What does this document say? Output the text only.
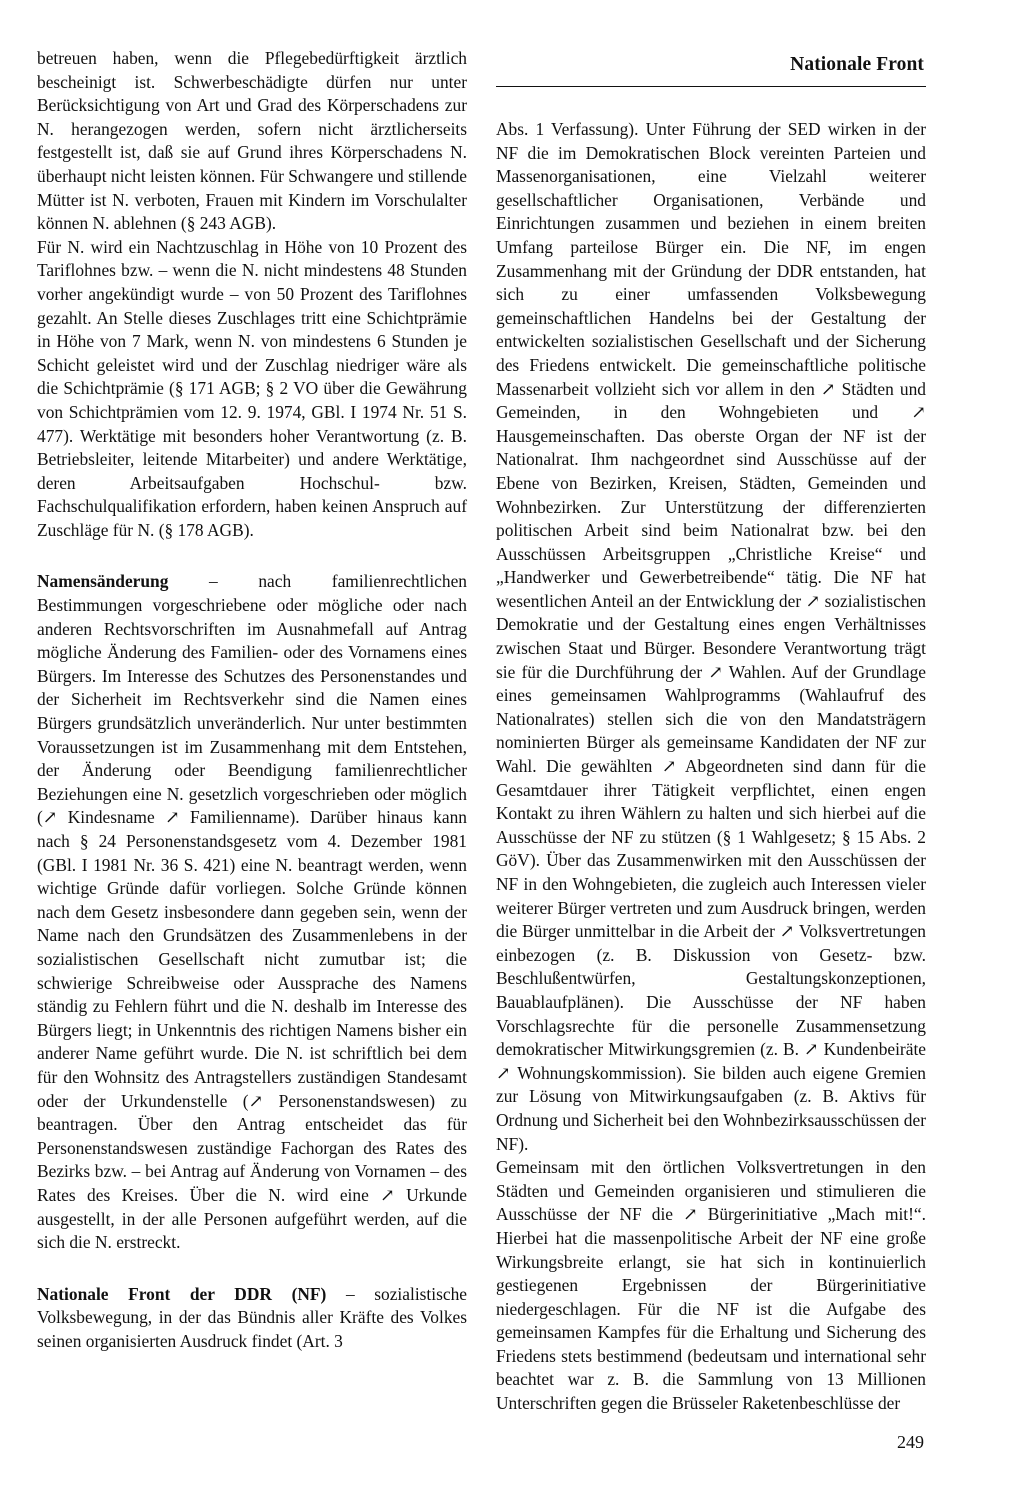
Nationale Front

betreuen haben, wenn die Pflegebedürftigkeit ärztlich bescheinigt ist. Schwerbeschädigte dürfen nur unter Berücksichtigung von Art und Grad des Körperschadens zur N. herangezogen werden, sofern nicht ärztlicherseits festgestellt ist, daß sie auf Grund ihres Körperschadens N. überhaupt nicht leisten können. Für Schwangere und stillende Mütter ist N. verboten, Frauen mit Kindern im Vorschulalter können N. ablehnen (§ 243 AGB).

Für N. wird ein Nachtzuschlag in Höhe von 10 Prozent des Tariflohnes bzw. – wenn die N. nicht mindestens 48 Stunden vorher angekündigt wurde – von 50 Prozent des Tariflohnes gezahlt. An Stelle dieses Zuschlages tritt eine Schichtprämie in Höhe von 7 Mark, wenn N. von mindestens 6 Stunden je Schicht geleistet wird und der Zuschlag niedriger wäre als die Schichtprämie (§ 171 AGB; § 2 VO über die Gewährung von Schichtprämien vom 12. 9. 1974, GBl. I 1974 Nr. 51 S. 477). Werktätige mit besonders hoher Verantwortung (z. B. Betriebsleiter, leitende Mitarbeiter) und andere Werktätige, deren Arbeitsaufgaben Hochschul- bzw. Fachschulqualifikation erfordern, haben keinen Anspruch auf Zuschläge für N. (§ 178 AGB).

Namensänderung – nach familienrechtlichen Bestimmungen vorgeschriebene oder mögliche oder nach anderen Rechtsvorschriften im Ausnahmefall auf Antrag mögliche Änderung des Familien- oder des Vornamens eines Bürgers. Im Interesse des Schutzes des Personenstandes und der Sicherheit im Rechtsverkehr sind die Namen eines Bürgers grundsätzlich unveränderlich. Nur unter bestimmten Voraussetzungen ist im Zusammenhang mit dem Entstehen, der Änderung oder Beendigung familienrechtlicher Beziehungen eine N. gesetzlich vorgeschrieben oder möglich (↗ Kindesname ↗ Familienname). Darüber hinaus kann nach § 24 Personenstandsgesetz vom 4. Dezember 1981 (GBl. I 1981 Nr. 36 S. 421) eine N. beantragt werden, wenn wichtige Gründe dafür vorliegen. Solche Gründe können nach dem Gesetz insbesondere dann gegeben sein, wenn der Name nach den Grundsätzen des Zusammenlebens in der sozialistischen Gesellschaft nicht zumutbar ist; die schwierige Schreibweise oder Aussprache des Namens ständig zu Fehlern führt und die N. deshalb im Interesse des Bürgers liegt; in Unkenntnis des richtigen Namens bisher ein anderer Name geführt wurde. Die N. ist schriftlich bei dem für den Wohnsitz des Antragstellers zuständigen Standesamt oder der Urkundenstelle (↗ Personenstandswesen) zu beantragen. Über den Antrag entscheidet das für Personenstandswesen zuständige Fachorgan des Rates des Bezirks bzw. – bei Antrag auf Änderung von Vornamen – des Rates des Kreises. Über die N. wird eine ↗ Urkunde ausgestellt, in der alle Personen aufgeführt werden, auf die sich die N. erstreckt.

Nationale Front der DDR (NF) – sozialistische Volksbewegung, in der das Bündnis aller Kräfte des Volkes seinen organisierten Ausdruck findet (Art. 3

Abs. 1 Verfassung). Unter Führung der SED wirken in der NF die im Demokratischen Block vereinten Parteien und Massenorganisationen, eine Vielzahl weiterer gesellschaftlicher Organisationen, Verbände und Einrichtungen zusammen und beziehen in einem breiten Umfang parteilose Bürger ein. Die NF, im engen Zusammenhang mit der Gründung der DDR entstanden, hat sich zu einer umfassenden Volksbewegung gemeinschaftlichen Handelns bei der Gestaltung der entwickelten sozialistischen Gesellschaft und der Sicherung des Friedens entwickelt. Die gemeinschaftliche politische Massenarbeit vollzieht sich vor allem in den ↗ Städten und Gemeinden, in den Wohngebieten und ↗ Hausgemeinschaften. Das oberste Organ der NF ist der Nationalrat. Ihm nachgeordnet sind Ausschüsse auf der Ebene von Bezirken, Kreisen, Städten, Gemeinden und Wohnbezirken. Zur Unterstützung der differenzierten politischen Arbeit sind beim Nationalrat bzw. bei den Ausschüssen Arbeitsgruppen „Christliche Kreise“ und „Handwerker und Gewerbetreibende“ tätig. Die NF hat wesentlichen Anteil an der Entwicklung der ↗ sozialistischen Demokratie und der Gestaltung eines engen Verhältnisses zwischen Staat und Bürger. Besondere Verantwortung trägt sie für die Durchführung der ↗ Wahlen. Auf der Grundlage eines gemeinsamen Wahlprogramms (Wahlaufruf des Nationalrates) stellen sich die von den Mandatsträgern nominierten Bürger als gemeinsame Kandidaten der NF zur Wahl. Die gewählten ↗ Abgeordneten sind dann für die Gesamtdauer ihrer Tätigkeit verpflichtet, einen engen Kontakt zu ihren Wählern zu halten und sich hierbei auf die Ausschüsse der NF zu stützen (§ 1 Wahlgesetz; § 15 Abs. 2 GöV). Über das Zusammenwirken mit den Ausschüssen der NF in den Wohngebieten, die zugleich auch Interessen vieler weiterer Bürger vertreten und zum Ausdruck bringen, werden die Bürger unmittelbar in die Arbeit der ↗ Volksvertretungen einbezogen (z. B. Diskussion von Gesetz- bzw. Beschlußentwürfen, Gestaltungskonzeptionen, Bauablaufplänen). Die Ausschüsse der NF haben Vorschlagsrechte für die personelle Zusammensetzung demokratischer Mitwirkungsgremien (z. B. ↗ Kundenbeiräte ↗ Wohnungskommission). Sie bilden auch eigene Gremien zur Lösung von Mitwirkungsaufgaben (z. B. Aktivs für Ordnung und Sicherheit bei den Wohnbezirksausschüssen der NF).

Gemeinsam mit den örtlichen Volksvertretungen in den Städten und Gemeinden organisieren und stimulieren die Ausschüsse der NF die ↗ Bürgerinitiative „Mach mit!“. Hierbei hat die massenpolitische Arbeit der NF eine große Wirkungsbreite erlangt, sie hat sich in kontinuierlich gestiegenen Ergebnissen der Bürgerinitiative niedergeschlagen. Für die NF ist die Aufgabe des gemeinsamen Kampfes für die Erhaltung und Sicherung des Friedens stets bestimmend (bedeutsam und international sehr beachtet war z. B. die Sammlung von 13 Millionen Unterschriften gegen die Brüsseler Raketenbeschlüsse der

249
